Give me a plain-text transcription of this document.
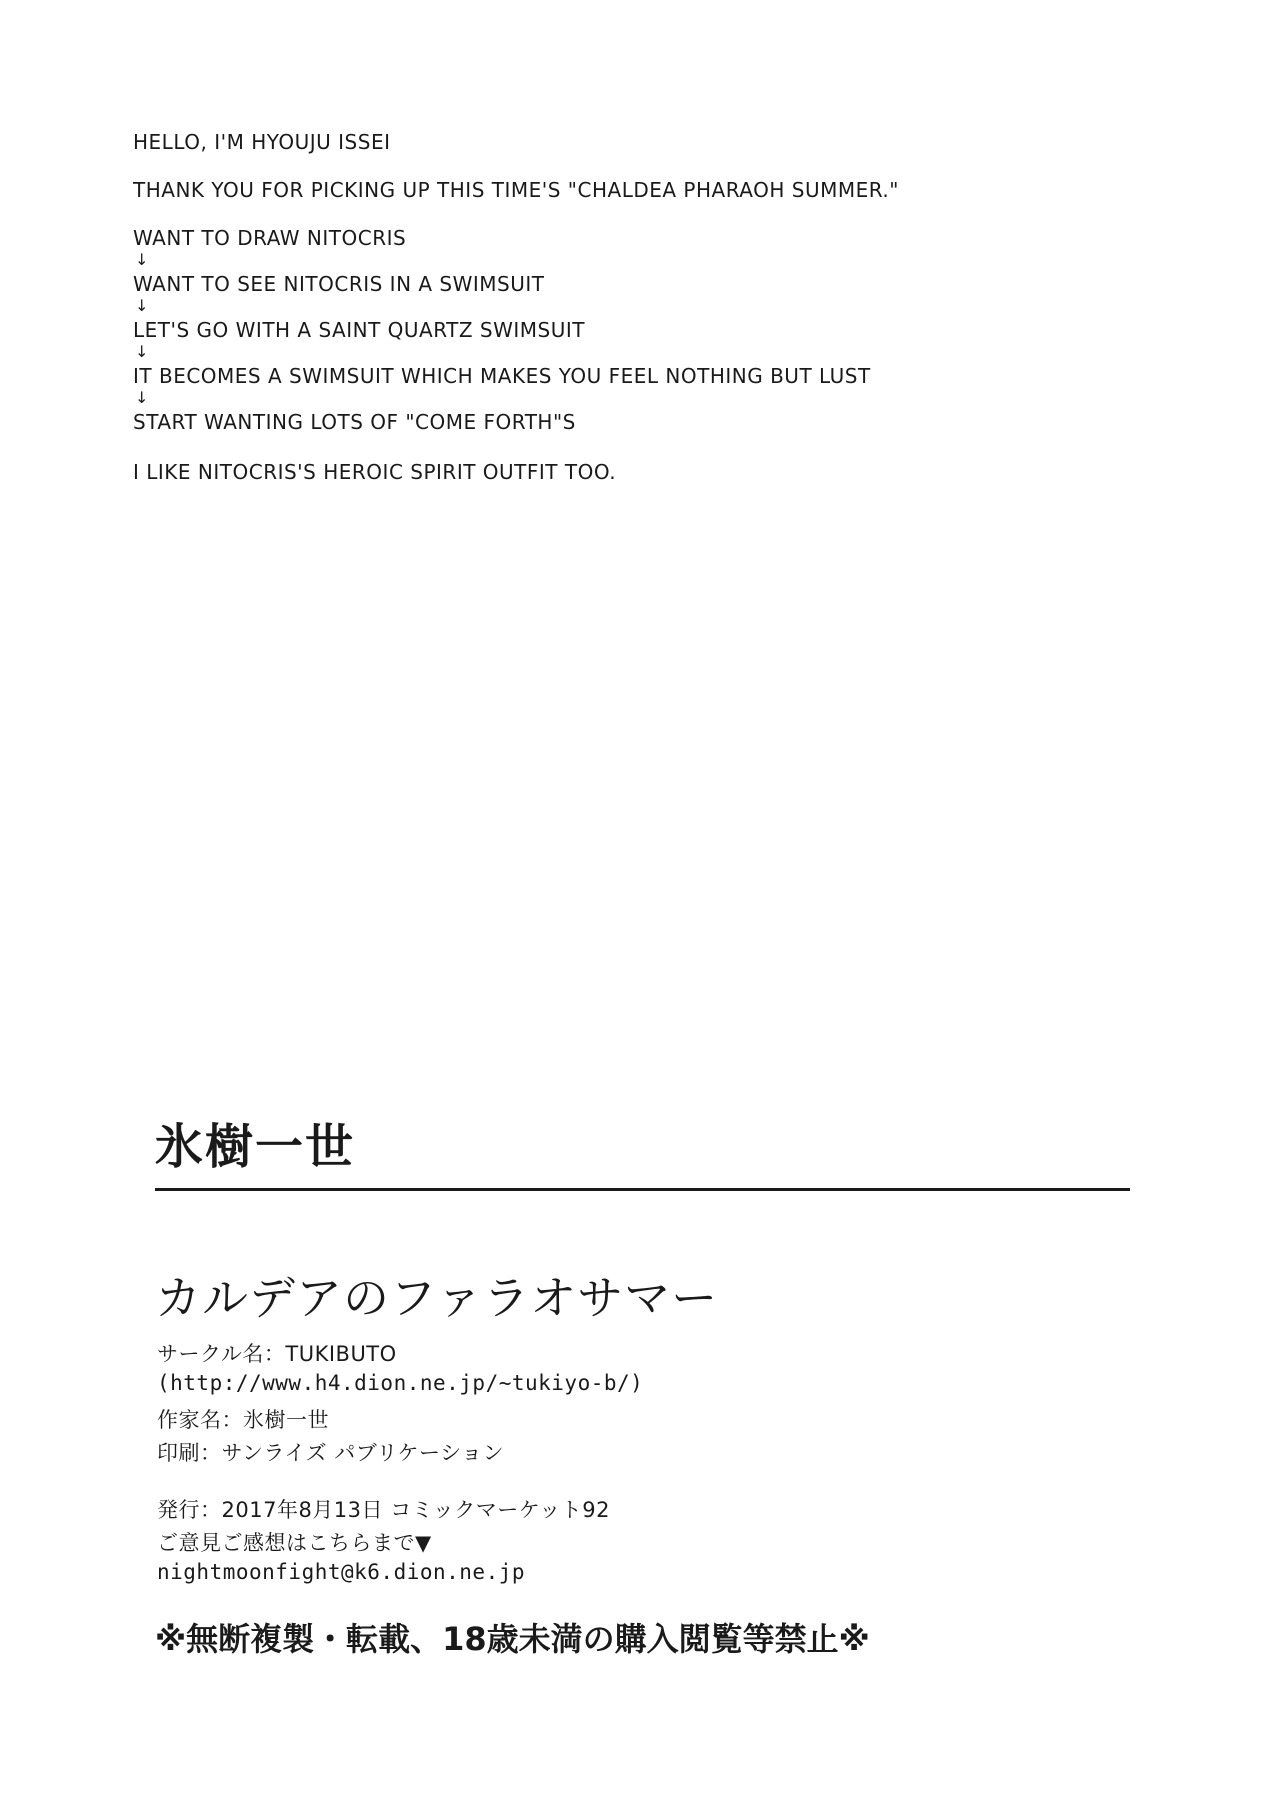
HELLO, I'M HYOUJU ISSEI
THANK YOU FOR PICKING UP THIS TIME'S "CHALDEA PHARAOH SUMMER."
WANT TO DRAW NITOCRIS
↓
WANT TO SEE NITOCRIS IN A SWIMSUIT
↓
LET'S GO WITH A SAINT QUARTZ SWIMSUIT
↓
IT BECOMES A SWIMSUIT WHICH MAKES YOU FEEL NOTHING BUT LUST
↓
START WANTING LOTS OF "COME FORTH"S
I LIKE NITOCRIS'S HEROIC SPIRIT OUTFIT TOO.
氷樹一世
カルデアのファラオサマー
サークル名：TUKIBUTO
(http://www.h4.dion.ne.jp/~tukiyo-b/)
作家名：氷樹一世
印刷：サンライズ パブリケーション
発行：2017年8月13日 コミックマーケット92
ご意見ご感想はこちらまで▼
nightmoonfight@k6.dion.ne.jp
※無断複製・転載、18歳未満の購入閲覧等禁止※
